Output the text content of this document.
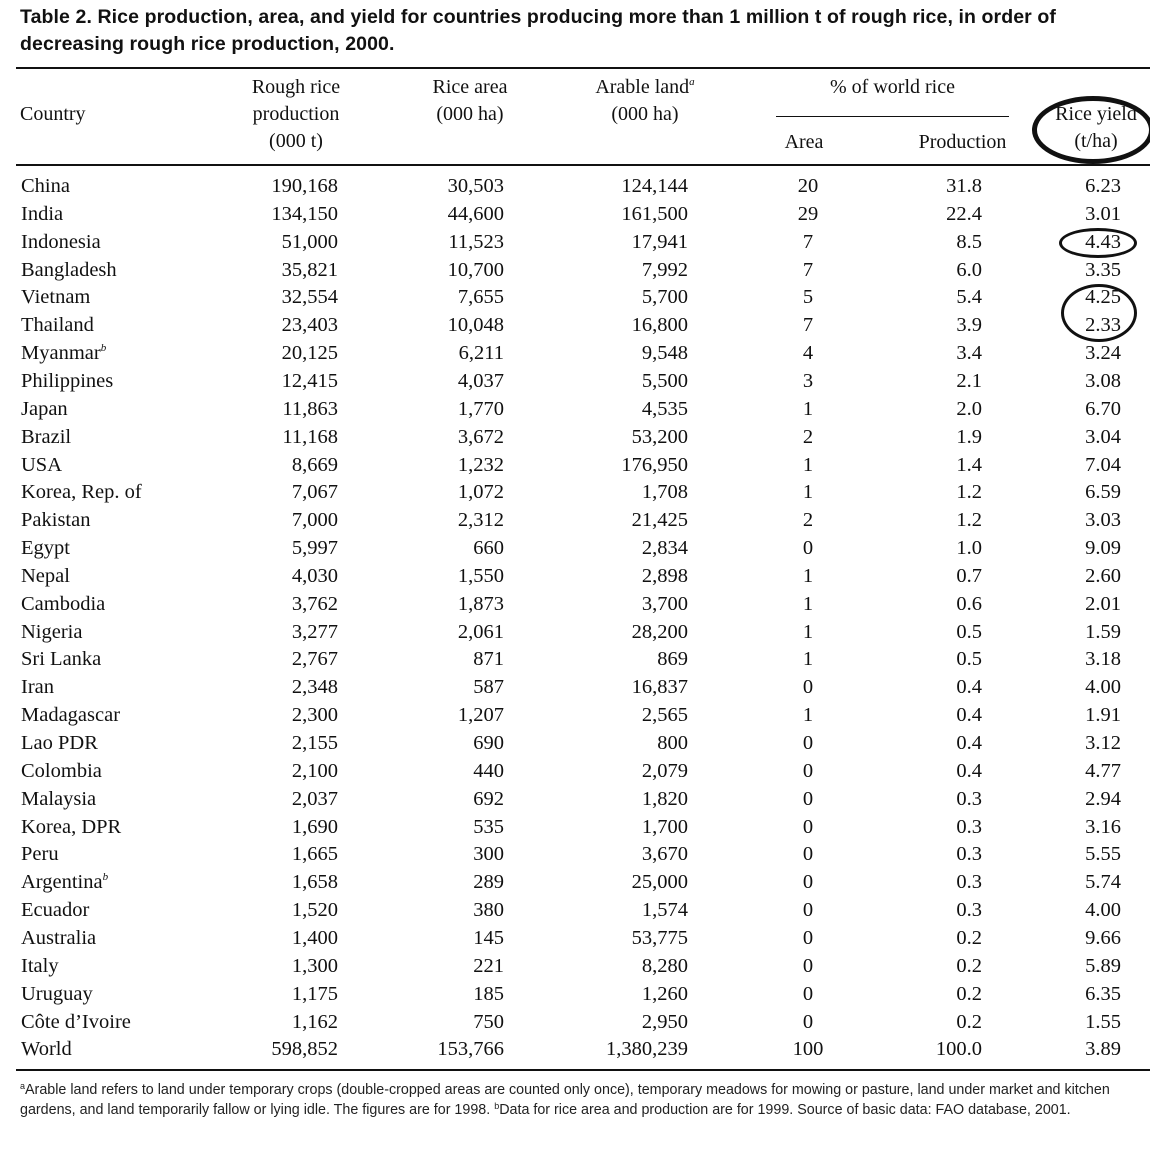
Table 2. Rice production, area, and yield for countries producing more than 1 million t of rough rice, in order of decreasing rough rice production, 2000.
Country
Rough rice
production
(000 t)
Rice area
(000 ha)
Arable land$^a$
(000 ha)
% of world rice
Area	Production
Rice yield
(t/ha)
China	190,168	30,503	124,144	20	31.8	6.23
India	134,150	44,600	161,500	29	22.4	3.01
Indonesia	51,000	11,523	17,941	7	8.5	4.43
Bangladesh	35,821	10,700	7,992	7	6.0	3.35
Vietnam	32,554	7,655	5,700	5	5.4	4.25
Thailand	23,403	10,048	16,800	7	3.9	2.33
Myanmar$^b$	20,125	6,211	9,548	4	3.4	3.24
Philippines	12,415	4,037	5,500	3	2.1	3.08
Japan	11,863	1,770	4,535	1	2.0	6.70
Brazil	11,168	3,672	53,200	2	1.9	3.04
USA	8,669	1,232	176,950	1	1.4	7.04
Korea, Rep. of	7,067	1,072	1,708	1	1.2	6.59
Pakistan	7,000	2,312	21,425	2	1.2	3.03
Egypt	5,997	660	2,834	0	1.0	9.09
Nepal	4,030	1,550	2,898	1	0.7	2.60
Cambodia	3,762	1,873	3,700	1	0.6	2.01
Nigeria	3,277	2,061	28,200	1	0.5	1.59
Sri Lanka	2,767	871	869	1	0.5	3.18
Iran	2,348	587	16,837	0	0.4	4.00
Madagascar	2,300	1,207	2,565	1	0.4	1.91
Lao PDR	2,155	690	800	0	0.4	3.12
Colombia	2,100	440	2,079	0	0.4	4.77
Malaysia	2,037	692	1,820	0	0.3	2.94
Korea, DPR	1,690	535	1,700	0	0.3	3.16
Peru	1,665	300	3,670	0	0.3	5.55
Argentina$^b$	1,658	289	25,000	0	0.3	5.74
Ecuador	1,520	380	1,574	0	0.3	4.00
Australia	1,400	145	53,775	0	0.2	9.66
Italy	1,300	221	8,280	0	0.2	5.89
Uruguay	1,175	185	1,260	0	0.2	6.35
Côte d’Ivoire	1,162	750	2,950	0	0.2	1.55
World	598,852	153,766	1,380,239	100	100.0	3.89
$^a$Arable land refers to land under temporary crops (double-cropped areas are counted only once), temporary meadows for mowing or pasture, land under market and kitchen gardens, and land temporarily fallow or lying idle. The figures are for 1998. $^b$Data for rice area and production are for 1999. Source of basic data: FAO database, 2001.
